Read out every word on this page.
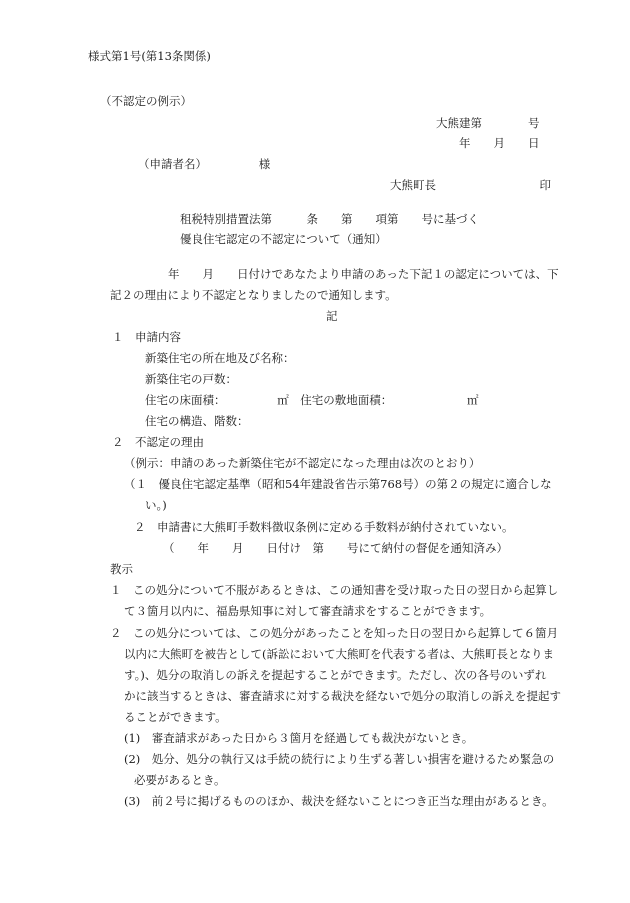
様式第1号(第13条関係)
（不認定の例示）
大熊建第　　　　号
年　　月　　日
（申請者名）　　　　　様
大熊町長　　　　　　　　　印
租税特別措置法第　　　条　　第　　項第　　号に基づく
優良住宅認定の不認定について（通知）
年　　月　　日付けであなたより申請のあった下記１の認定については、下
記２の理由により不認定となりましたので通知します。
記
１　申請内容
新築住宅の所在地及び名称：
新築住宅の戸数：
住宅の床面積：　　　　　㎡　住宅の敷地面積：　　　　　　　㎡
住宅の構造、階数：
２　不認定の理由
（例示：申請のあった新築住宅が不認定になった理由は次のとおり）
（１　優良住宅認定基準（昭和54年建設省告示第768号）の第２の規定に適合しな
い。)
２　申請書に大熊町手数料徴収条例に定める手数料が納付されていない。
（　　年　　月　　日付け　第　　号にて納付の督促を通知済み）
教示
１　この処分について不服があるときは、この通知書を受け取った日の翌日から起算し
て３箇月以内に、福島県知事に対して審査請求をすることができます。
２　この処分については、この処分があったことを知った日の翌日から起算して６箇月
以内に大熊町を被告として(訴訟において大熊町を代表する者は、大熊町長となりま
す。)、処分の取消しの訴えを提起することができます。ただし、次の各号のいずれ
かに該当するときは、審査請求に対する裁決を経ないで処分の取消しの訴えを提起す
ることができます。
(1)　審査請求があった日から３箇月を経過しても裁決がないとき。
(2)　処分、処分の執行又は手続の続行により生ずる著しい損害を避けるため緊急の
必要があるとき。
(3)　前２号に掲げるもののほか、裁決を経ないことにつき正当な理由があるとき。
